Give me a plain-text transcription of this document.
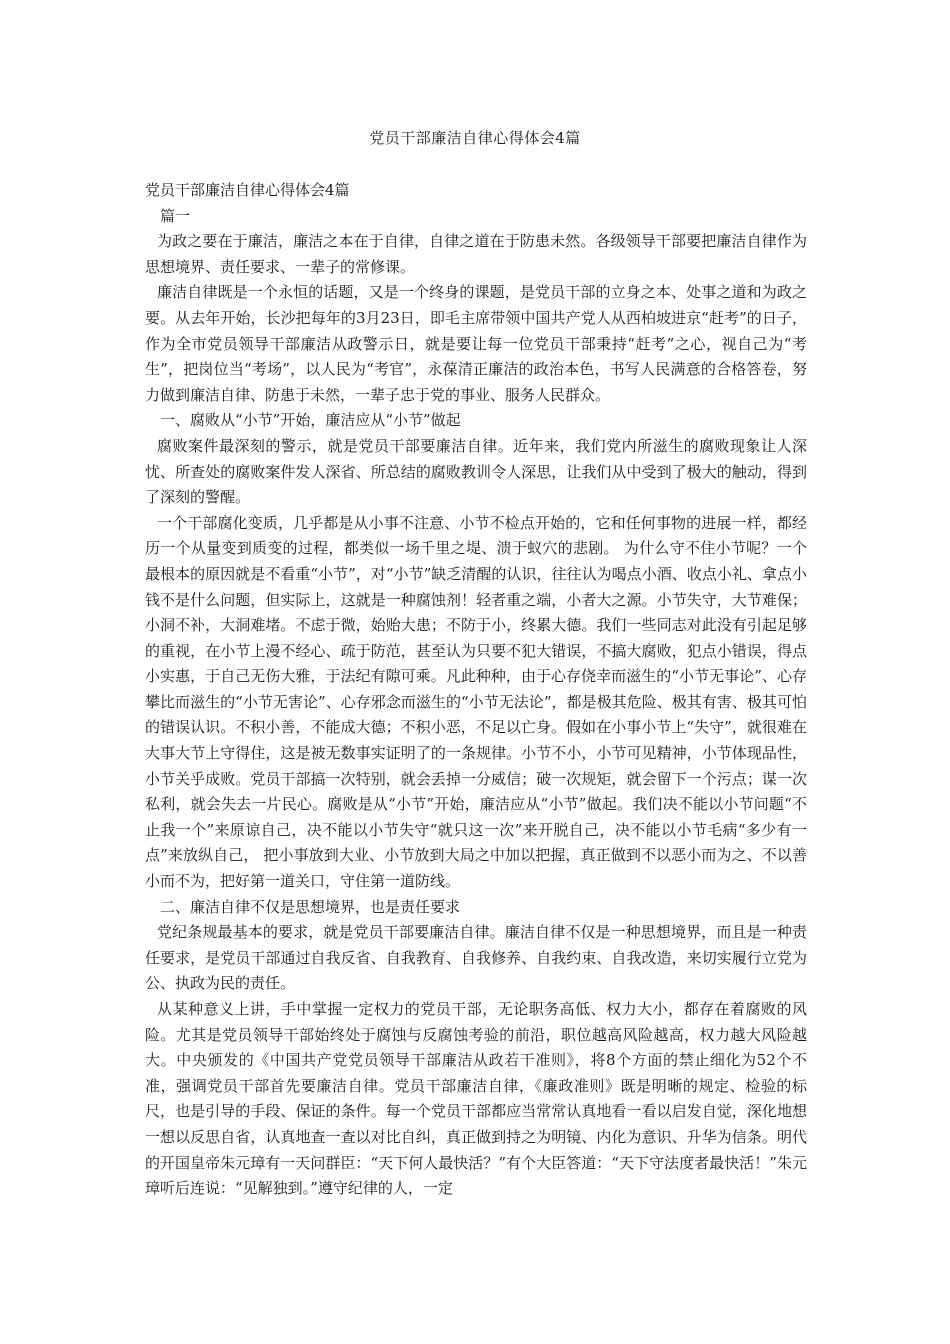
党员干部廉洁自律心得体会4篇

党员干部廉洁自律心得体会4篇

篇一

为政之要在于廉洁，廉洁之本在于自律，自律之道在于防患未然。各级领导干部要把廉洁自律作为思想境界、责任要求、一辈子的常修课。

廉洁自律既是一个永恒的话题，又是一个终身的课题，是党员干部的立身之本、处事之道和为政之要。从去年开始，长沙把每年的3月23日，即毛主席带领中国共产党人从西柏坡进京“赶考”的日子，作为全市党员领导干部廉洁从政警示日，就是要让每一位党员干部秉持“赶考”之心，视自己为“考生”，把岗位当“考场”，以人民为“考官”，永葆清正廉洁的政治本色，书写人民满意的合格答卷，努力做到廉洁自律、防患于未然，一辈子忠于党的事业、服务人民群众。

一、腐败从“小节”开始，廉洁应从“小节”做起

腐败案件最深刻的警示，就是党员干部要廉洁自律。近年来，我们党内所滋生的腐败现象让人深忧、所查处的腐败案件发人深省、所总结的腐败教训令人深思，让我们从中受到了极大的触动，得到了深刻的警醒。

一个干部腐化变质，几乎都是从小事不注意、小节不检点开始的，它和任何事物的进展一样，都经历一个从量变到质变的过程，都类似一场千里之堤、溃于蚁穴的悲剧。 为什么守不住小节呢？一个最根本的原因就是不看重“小节”，对“小节”缺乏清醒的认识，往往认为喝点小酒、收点小礼、拿点小钱不是什么问题，但实际上，这就是一种腐蚀剂！轻者重之端，小者大之源。小节失守，大节难保；小洞不补，大洞难堵。不虑于微，始贻大患；不防于小，终累大德。我们一些同志对此没有引起足够的重视，在小节上漫不经心、疏于防范，甚至认为只要不犯大错误，不搞大腐败，犯点小错误，得点小实惠，于自己无伤大雅，于法纪有隙可乘。凡此种种，由于心存侥幸而滋生的“小节无事论”、心存攀比而滋生的“小节无害论”、心存邪念而滋生的“小节无法论”，都是极其危险、极其有害、极其可怕的错误认识。不积小善，不能成大德；不积小恶，不足以亡身。假如在小事小节上“失守”，就很难在大事大节上守得住，这是被无数事实证明了的一条规律。小节不小，小节可见精神，小节体现品性，小节关乎成败。党员干部搞一次特别，就会丢掉一分威信；破一次规矩，就会留下一个污点；谋一次私利，就会失去一片民心。腐败是从“小节”开始，廉洁应从“小节”做起。我们决不能以小节问题“不止我一个”来原谅自己，决不能以小节失守“就只这一次”来开脱自己，决不能以小节毛病“多少有一点”来放纵自己， 把小事放到大业、小节放到大局之中加以把握，真正做到不以恶小而为之、不以善小而不为，把好第一道关口，守住第一道防线。

二、廉洁自律不仅是思想境界，也是责任要求

党纪条规最基本的要求，就是党员干部要廉洁自律。廉洁自律不仅是一种思想境界，而且是一种责任要求，是党员干部通过自我反省、自我教育、自我修养、自我约束、自我改造，来切实履行立党为公、执政为民的责任。

从某种意义上讲，手中掌握一定权力的党员干部，无论职务高低、权力大小，都存在着腐败的风险。尤其是党员领导干部始终处于腐蚀与反腐蚀考验的前沿，职位越高风险越高，权力越大风险越大。中央颁发的《中国共产党党员领导干部廉洁从政若干准则》，将8个方面的禁止细化为52个不准，强调党员干部首先要廉洁自律。党员干部廉洁自律，《廉政准则》既是明晰的规定、检验的标尺，也是引导的手段、保证的条件。每一个党员干部都应当常常认真地看一看以启发自觉，深化地想一想以反思自省，认真地查一查以对比自纠，真正做到持之为明镜、内化为意识、升华为信条。明代的开国皇帝朱元璋有一天问群臣：“天下何人最快活？”有个大臣答道：“天下守法度者最快活！”朱元璋听后连说：“见解独到。”遵守纪律的人，一定
